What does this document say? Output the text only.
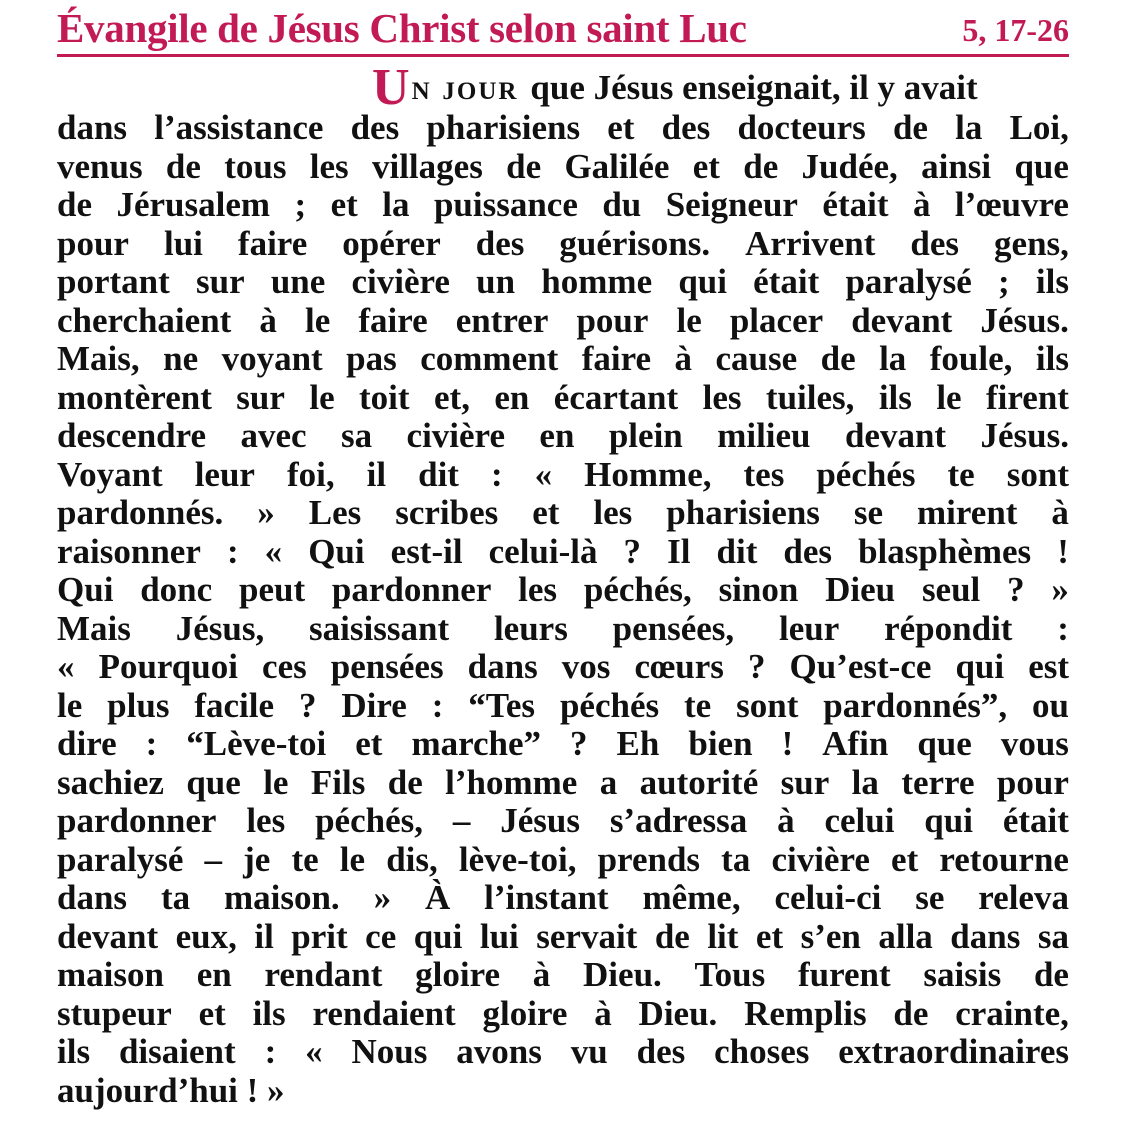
Évangile de Jésus Christ selon saint Luc	5, 17-26
U n jour que Jésus enseignait, il y avait
dans l’assistance des pharisiens et des docteurs de la Loi,
venus de tous les villages de Galilée et de Judée, ainsi que
de Jérusalem ; et la puissance du Seigneur était à l’œuvre
pour lui faire opérer des guérisons. Arrivent des gens,
portant sur une civière un homme qui était paralysé ; ils
cherchaient à le faire entrer pour le placer devant Jésus.
Mais, ne voyant pas comment faire à cause de la foule, ils
montèrent sur le toit et, en écartant les tuiles, ils le firent
descendre avec sa civière en plein milieu devant Jésus.
Voyant leur foi, il dit : « Homme, tes péchés te sont
pardonnés. » Les scribes et les pharisiens se mirent à
raisonner : « Qui est-il celui-là ? Il dit des blasphèmes !
Qui donc peut pardonner les péchés, sinon Dieu seul ? »
Mais Jésus, saisissant leurs pensées, leur répondit :
« Pourquoi ces pensées dans vos cœurs ? Qu’est-ce qui est
le plus facile ? Dire : “Tes péchés te sont pardonnés”, ou
dire : “Lève-toi et marche” ? Eh bien ! Afin que vous
sachiez que le Fils de l’homme a autorité sur la terre pour
pardonner les péchés, – Jésus s’adressa à celui qui était
paralysé – je te le dis, lève-toi, prends ta civière et retourne
dans ta maison. » À l’instant même, celui-ci se releva
devant eux, il prit ce qui lui servait de lit et s’en alla dans sa
maison en rendant gloire à Dieu. Tous furent saisis de
stupeur et ils rendaient gloire à Dieu. Remplis de crainte,
ils disaient : « Nous avons vu des choses extraordinaires
aujourd’hui ! »
